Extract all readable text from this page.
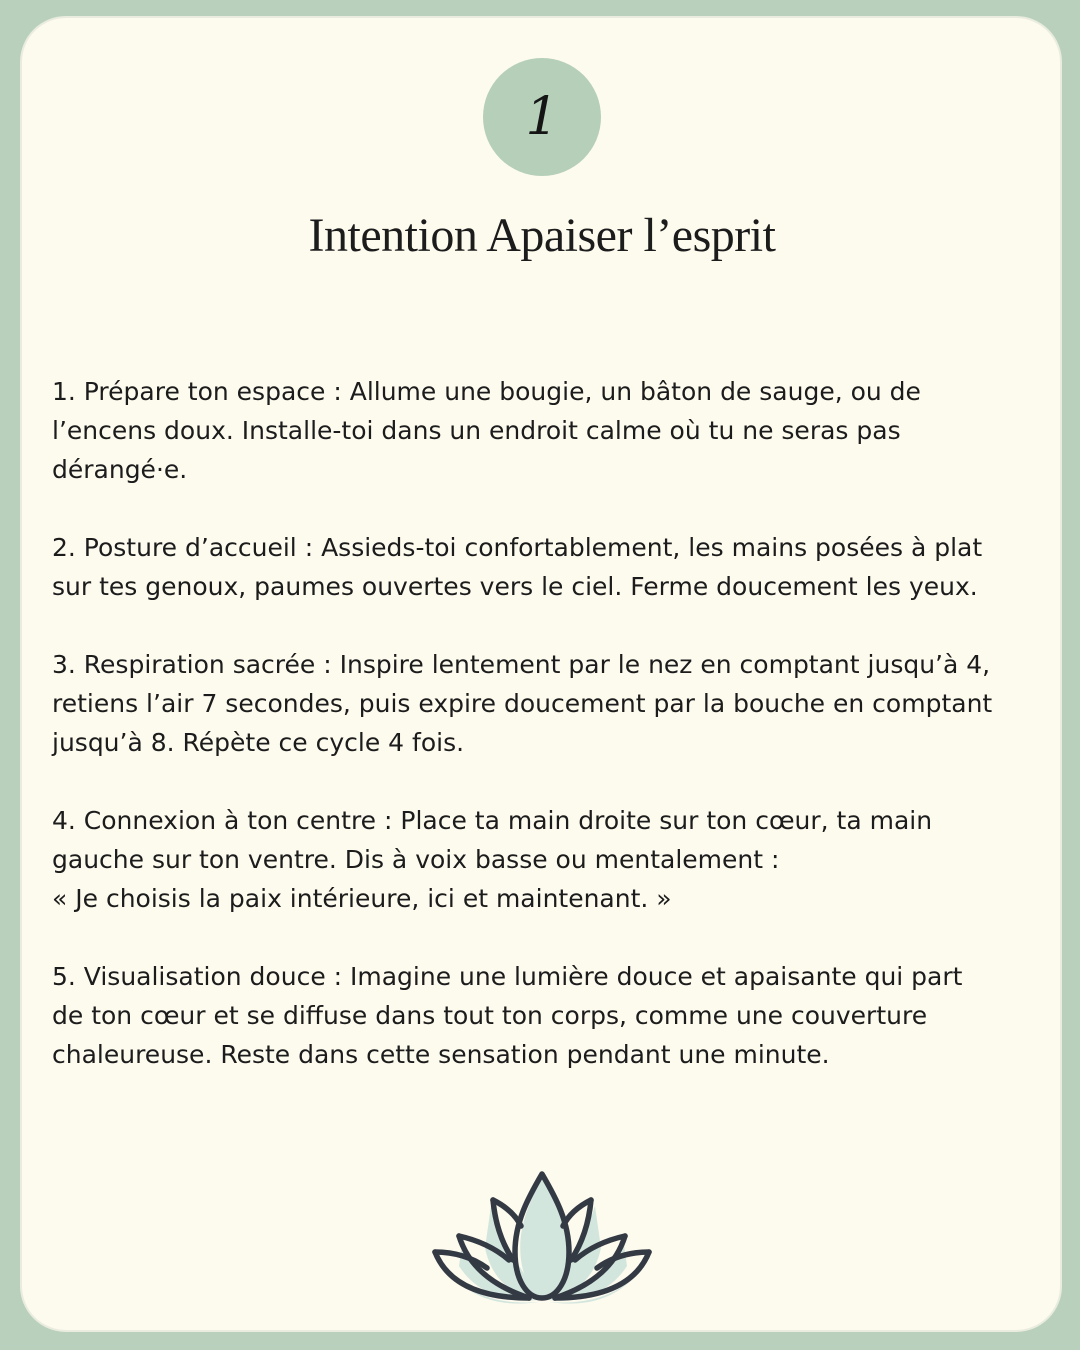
1
Intention Apaiser l’esprit

1. Prépare ton espace : Allume une bougie, un bâton de sauge, ou de
l’encens doux. Installe-toi dans un endroit calme où tu ne seras pas
dérangé·e.

2. Posture d’accueil : Assieds-toi confortablement, les mains posées à plat
sur tes genoux, paumes ouvertes vers le ciel. Ferme doucement les yeux.

3. Respiration sacrée : Inspire lentement par le nez en comptant jusqu’à 4,
retiens l’air 7 secondes, puis expire doucement par la bouche en comptant
jusqu’à 8. Répète ce cycle 4 fois.

4. Connexion à ton centre : Place ta main droite sur ton cœur, ta main
gauche sur ton ventre. Dis à voix basse ou mentalement :
« Je choisis la paix intérieure, ici et maintenant. »

5. Visualisation douce : Imagine une lumière douce et apaisante qui part
de ton cœur et se diffuse dans tout ton corps, comme une couverture
chaleureuse. Reste dans cette sensation pendant une minute.
